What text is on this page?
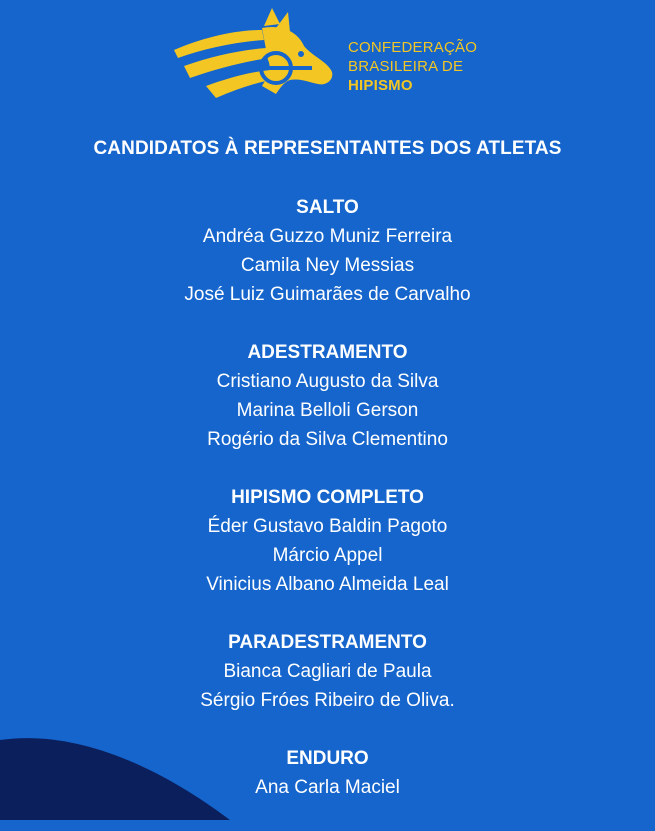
CONFEDERAÇÃO
BRASILEIRA DE
HIPISMO
CANDIDATOS À REPRESENTANTES DOS ATLETAS
SALTO
Andréa Guzzo Muniz Ferreira
Camila Ney Messias
José Luiz Guimarães de Carvalho
ADESTRAMENTO
Cristiano Augusto da Silva
Marina Belloli Gerson
Rogério da Silva Clementino
HIPISMO COMPLETO
Éder Gustavo Baldin Pagoto
Márcio Appel
Vinicius Albano Almeida Leal
PARADESTRAMENTO
Bianca Cagliari de Paula
Sérgio Fróes Ribeiro de Oliva.
ENDURO
Ana Carla Maciel
